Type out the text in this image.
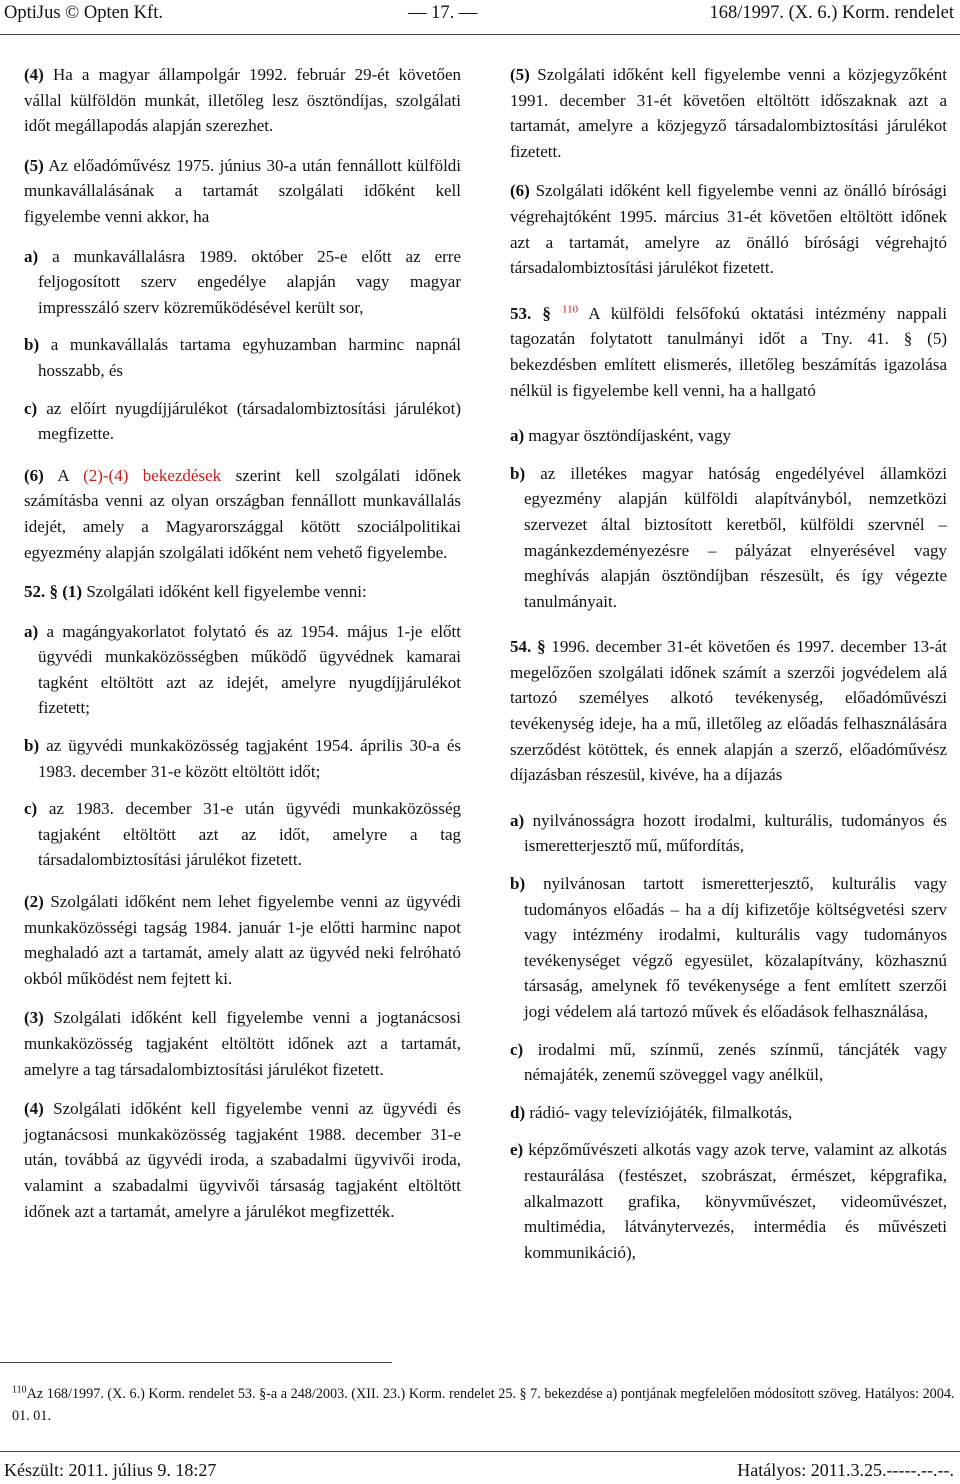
OptiJus © Opten Kft.	— 17. —	168/1997. (X. 6.) Korm. rendelet

(4) Ha a magyar állampolgár 1992. február 29-ét követően vállal külföldön munkát, illetőleg lesz ösztöndíjas, szolgálati időt megállapodás alapján szerezhet.

(5) Az előadóművész 1975. június 30-a után fennállott külföldi munkavállalásának a tartamát szolgálati időként kell figyelembe venni akkor, ha

a) a munkavállalásra 1989. október 25-e előtt az erre feljogosított szerv engedélye alapján vagy magyar impresszáló szerv közreműködésével került sor,
b) a munkavállalás tartama egyhuzamban harminc napnál hosszabb, és
c) az előírt nyugdíjjárulékot (társadalombiztosítási járulékot) megfizette.

(6) A (2)-(4) bekezdések szerint kell szolgálati időnek számításba venni az olyan országban fennállott munkavállalás idejét, amely a Magyarországgal kötött szociálpolitikai egyezmény alapján szolgálati időként nem vehető figyelembe.

52. § (1) Szolgálati időként kell figyelembe venni:

a) a magángyakorlatot folytató és az 1954. május 1-je előtt ügyvédi munkaközösségben működő ügyvédnek kamarai tagként eltöltött azt az idejét, amelyre nyugdíjjárulékot fizetett;
b) az ügyvédi munkaközösség tagjaként 1954. április 30-a és 1983. december 31-e között eltöltött időt;
c) az 1983. december 31-e után ügyvédi munkaközösség tagjaként eltöltött azt az időt, amelyre a tag társadalombiztosítási járulékot fizetett.

(2) Szolgálati időként nem lehet figyelembe venni az ügyvédi munkaközösségi tagság 1984. január 1-je előtti harminc napot meghaladó azt a tartamát, amely alatt az ügyvéd neki felróható okból működést nem fejtett ki.

(3) Szolgálati időként kell figyelembe venni a jogtanácsosi munkaközösség tagjaként eltöltött időnek azt a tartamát, amelyre a tag társadalombiztosítási járulékot fizetett.

(4) Szolgálati időként kell figyelembe venni az ügyvédi és jogtanácsosi munkaközösség tagjaként 1988. december 31-e után, továbbá az ügyvédi iroda, a szabadalmi ügyvivői iroda, valamint a szabadalmi ügyvivői társaság tagjaként eltöltött időnek azt a tartamát, amelyre a járulékot megfizették.

(5) Szolgálati időként kell figyelembe venni a közjegyzőként 1991. december 31-ét követően eltöltött időszaknak azt a tartamát, amelyre a közjegyző társadalombiztosítási járulékot fizetett.

(6) Szolgálati időként kell figyelembe venni az önálló bírósági végrehajtóként 1995. március 31-ét követően eltöltött időnek azt a tartamát, amelyre az önálló bírósági végrehajtó társadalombiztosítási járulékot fizetett.

53. § $^{110}$ A külföldi felsőfokú oktatási intézmény nappali tagozatán folytatott tanulmányi időt a Tny. 41. § (5) bekezdésben említett elismerés, illetőleg beszámítás igazolása nélkül is figyelembe kell venni, ha a hallgató

a) magyar ösztöndíjasként, vagy
b) az illetékes magyar hatóság engedélyével államközi egyezmény alapján külföldi alapítványból, nemzetközi szervezet által biztosított keretből, külföldi szervnél – magánkezdeményezésre – pályázat elnyerésével vagy meghívás alapján ösztöndíjban részesült, és így végezte tanulmányait.

54. § 1996. december 31-ét követően és 1997. december 13-át megelőzően szolgálati időnek számít a szerzői jogvédelem alá tartozó személyes alkotó tevékenység, előadóművészi tevékenység ideje, ha a mű, illetőleg az előadás felhasználására szerződést kötöttek, és ennek alapján a szerző, előadóművész díjazásban részesül, kivéve, ha a díjazás

a) nyilvánosságra hozott irodalmi, kulturális, tudományos és ismeretterjesztő mű, műfordítás,
b) nyilvánosan tartott ismeretterjesztő, kulturális vagy tudományos előadás – ha a díj kifizetője költségvetési szerv vagy intézmény irodalmi, kulturális vagy tudományos tevékenységet végző egyesület, közalapítvány, közhasznú társaság, amelynek fő tevékenysége a fent említett szerzői jogi védelem alá tartozó művek és előadások felhasználása,
c) irodalmi mű, színmű, zenés színmű, táncjáték vagy némajáték, zenemű szöveggel vagy anélkül,
d) rádió- vagy televíziójáték, filmalkotás,
e) képzőművészeti alkotás vagy azok terve, valamint az alkotás restaurálása (festészet, szobrászat, érmészet, képgrafika, alkalmazott grafika, könyvművészet, videoművészet, multimédia, látványtervezés, intermédia és művészeti kommunikáció),
$^{110}$Az 168/1997. (X. 6.) Korm. rendelet 53. §-a a 248/2003. (XII. 23.) Korm. rendelet 25. § 7. bekezdése a) pontjának megfelelően módosított szöveg. Hatályos: 2004. 01. 01.
Készült: 2011. július 9. 18:27	Hatályos: 2011.3.25.-----.--.--.
